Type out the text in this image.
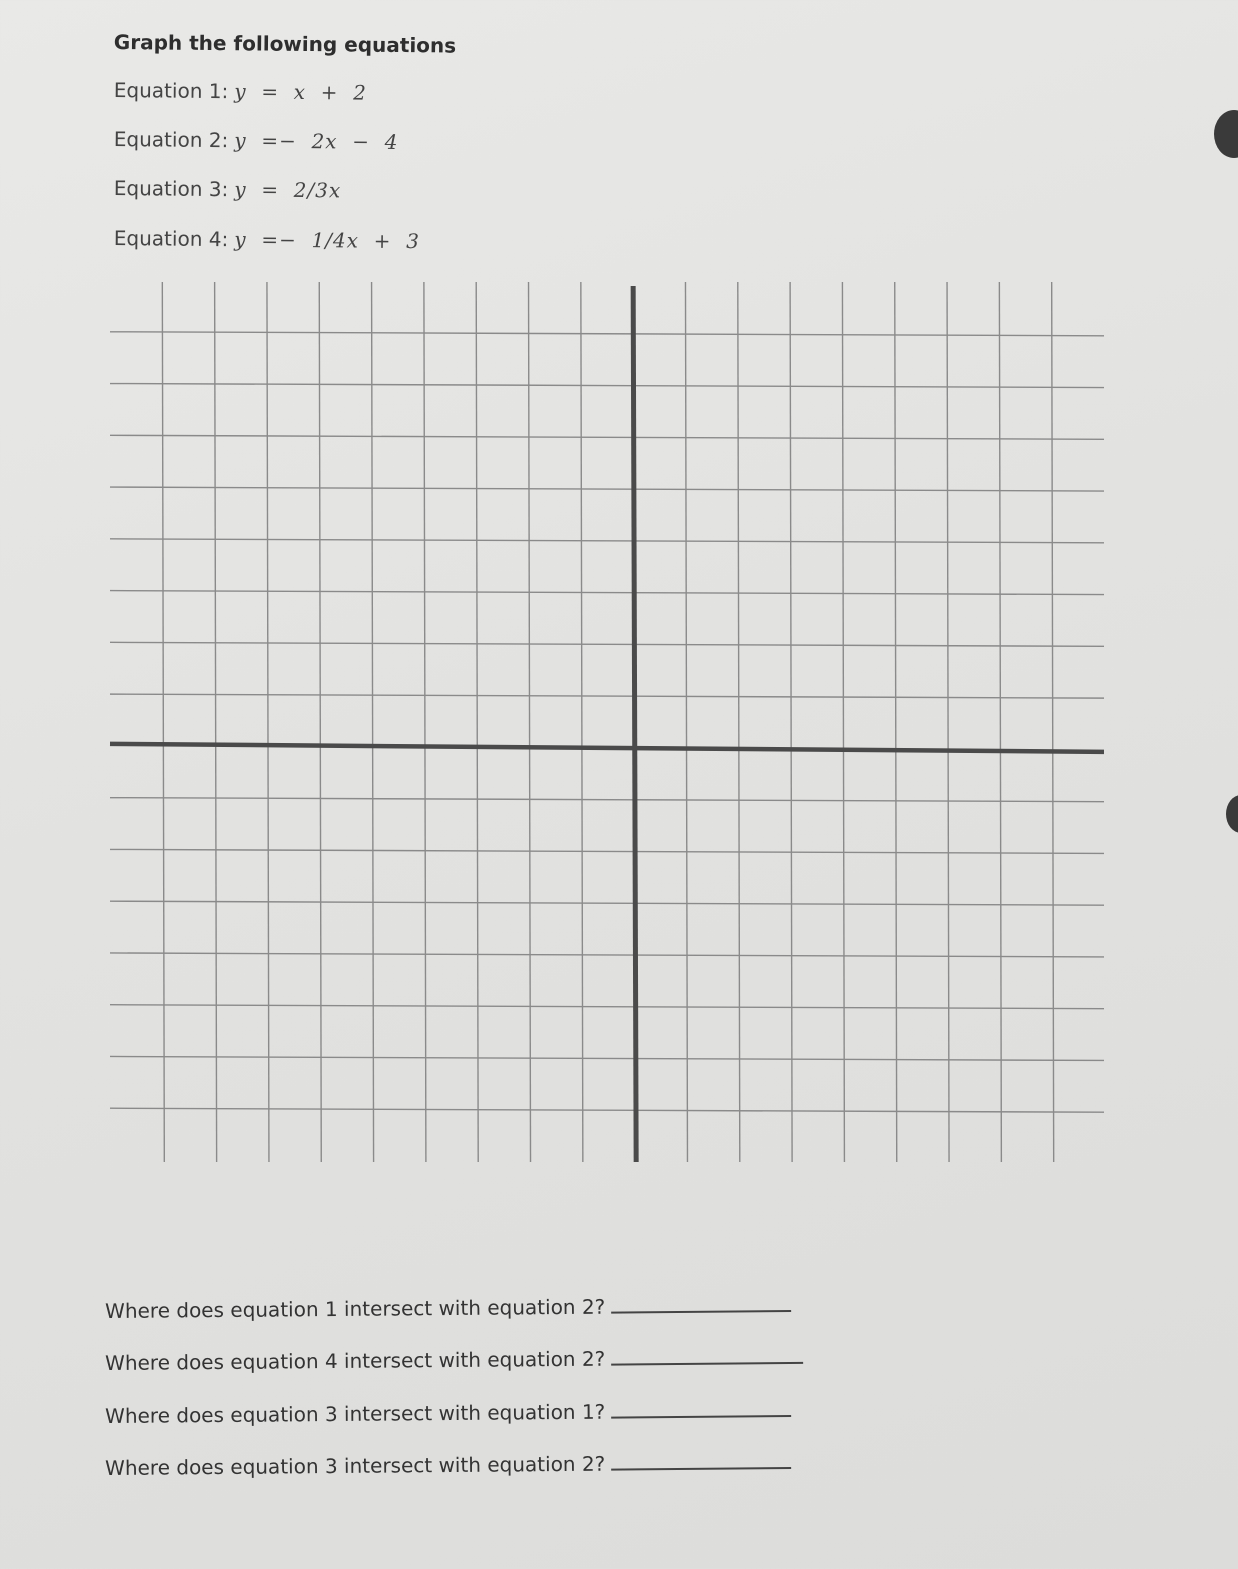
Graph the following equations
Equation 1: y  =  x  +  2
Equation 2: y  =−  2x  −  4
Equation 3: y  =  2/3x
Equation 4: y  =−  1/4x  +  3
Where does equation 1 intersect with equation 2?
Where does equation 4 intersect with equation 2?
Where does equation 3 intersect with equation 1?
Where does equation 3 intersect with equation 2?
